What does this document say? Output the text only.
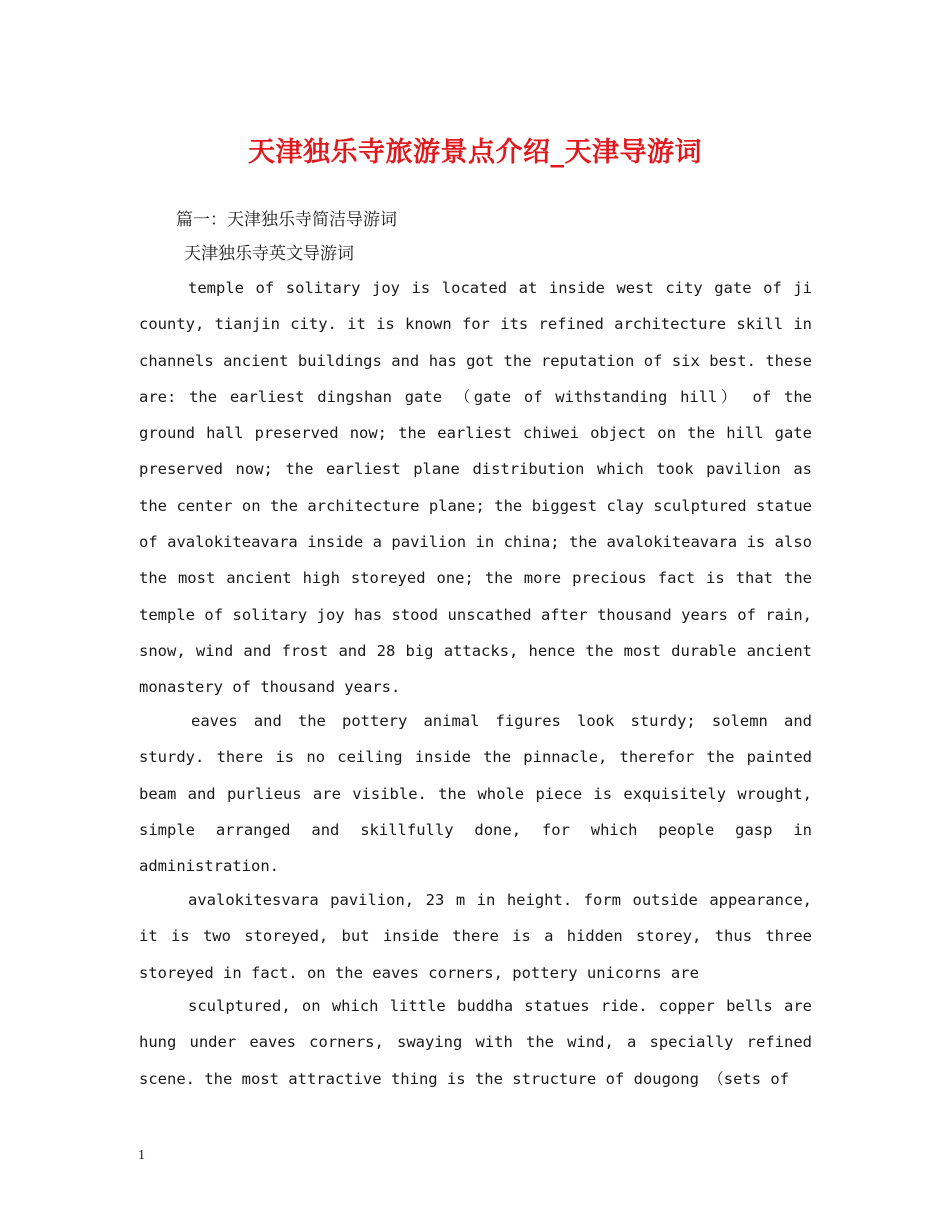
天津独乐寺旅游景点介绍_天津导游词

篇一：天津独乐寺简洁导游词

天津独乐寺英文导游词

temple of solitary joy is located at inside west city gate of ji county, tianjin city. it is known for its refined architecture skill in channels ancient buildings and has got the reputation of six best. these are: the earliest dingshan gate （gate of withstanding hill） of the ground hall preserved now; the earliest chiwei object on the hill gate preserved now; the earliest plane distribution which took pavilion as the center on the architecture plane; the biggest clay sculptured statue of avalokiteavara inside a pavilion in china; the avalokiteavara is also the most ancient high storeyed one; the more precious fact is that the temple of solitary joy has stood unscathed after thousand years of rain, snow, wind and frost and 28 big attacks, hence the most durable ancient monastery of thousand years.

eaves and the pottery animal figures look sturdy; solemn and sturdy. there is no ceiling inside the pinnacle, therefor the painted beam and purlieus are visible. the whole piece is exquisitely wrought, simple arranged and skillfully done, for which people gasp in administration.

avalokitesvara pavilion, 23 m in height. form outside appearance, it is two storeyed, but inside there is a hidden storey, thus three storeyed in fact. on the eaves corners, pottery unicorns are

sculptured, on which little buddha statues ride. copper bells are hung under eaves corners, swaying with the wind, a specially refined scene. the most attractive thing is the structure of dougong （sets of

1
